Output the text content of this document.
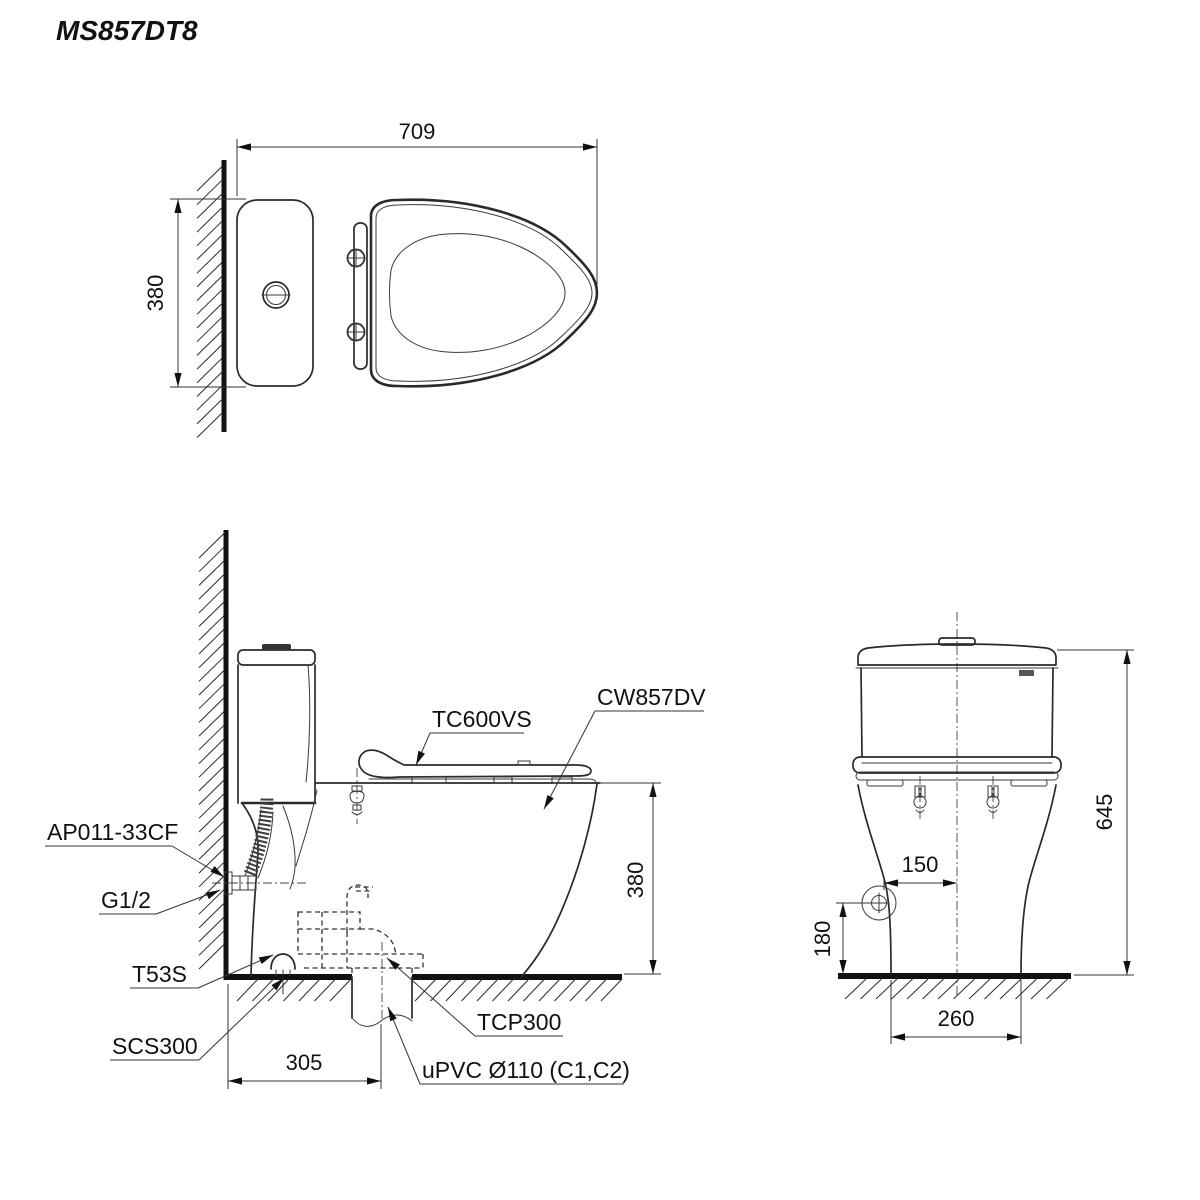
MS857DT8
709
380
380
305
TC600VS
CW857DV
AP011-33CF
G1/2
T53S
SCS300
TCP300
uPVC Ø110 (C1,C2)
150
180
260
645
